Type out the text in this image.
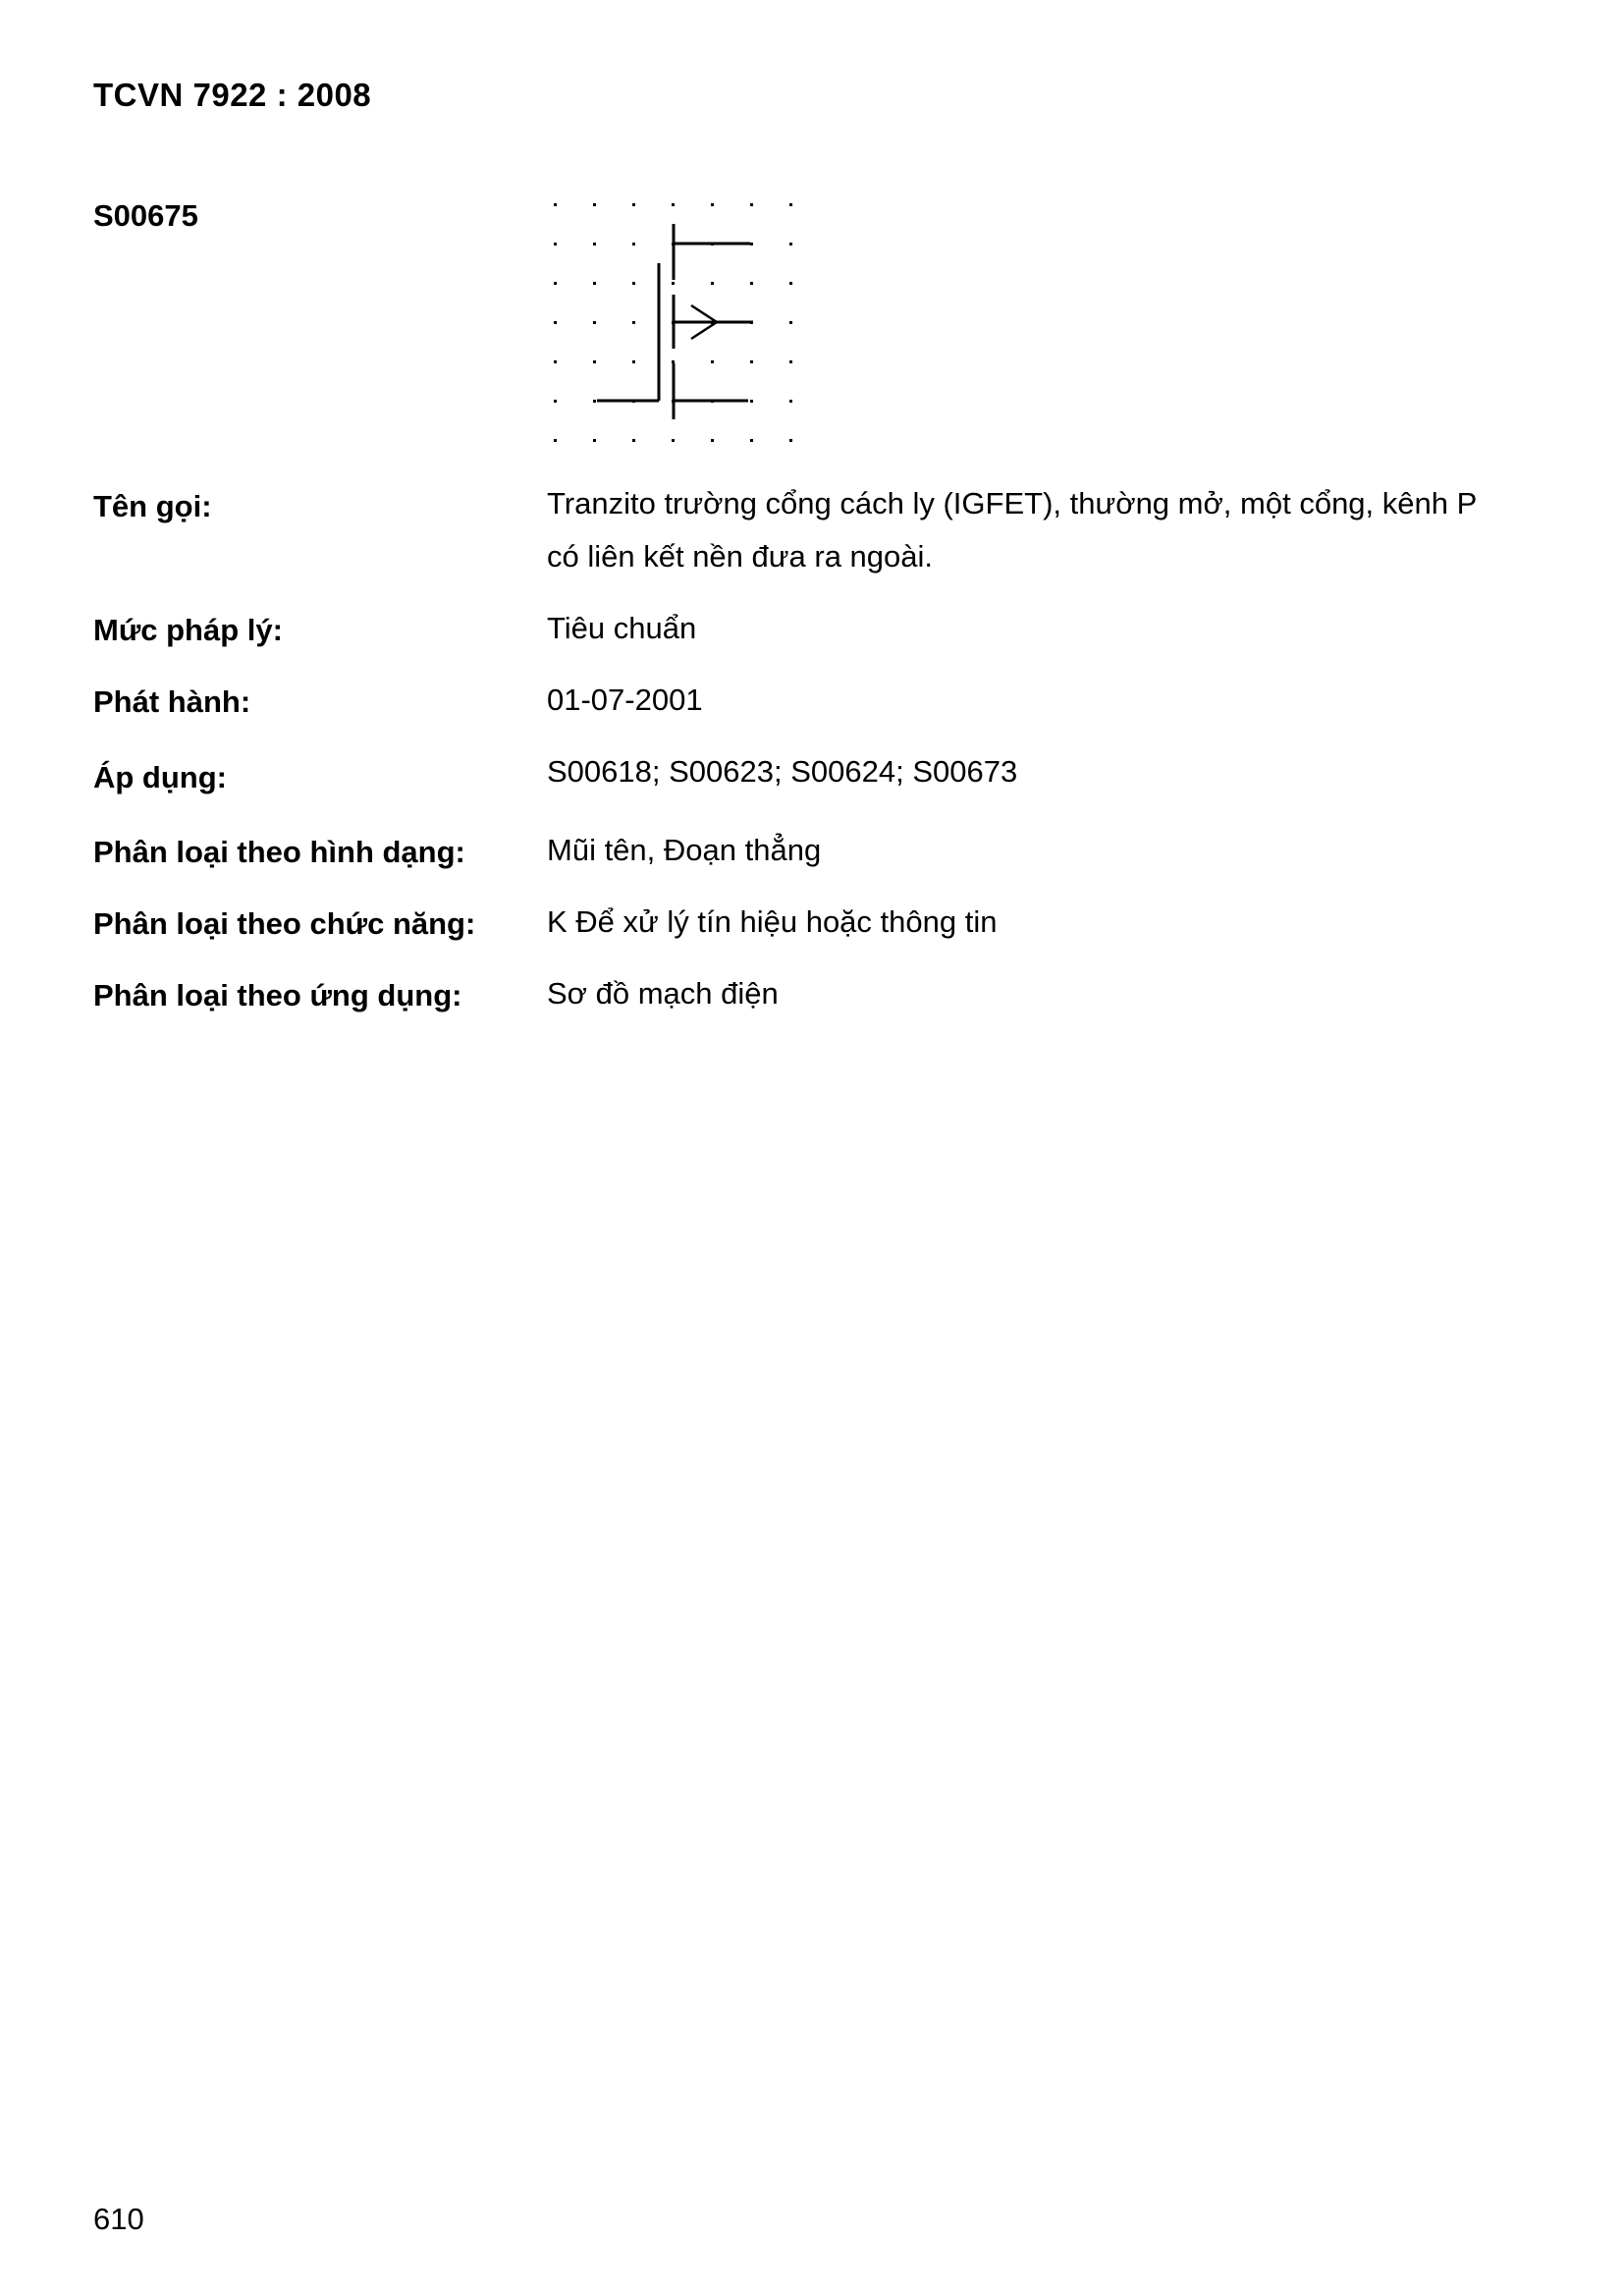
TCVN 7922 : 2008
S00675
Tên gọi:	Tranzito trường cổng cách ly (IGFET), thường mở, một cổng, kênh P có liên kết nền đưa ra ngoài.
Mức pháp lý:	Tiêu chuẩn
Phát hành:	01-07-2001
Áp dụng:	S00618; S00623; S00624; S00673
Phân loại theo hình dạng:	Mũi tên, Đoạn thẳng
Phân loại theo chức năng: K Để xử lý tín hiệu hoặc thông tin
Phân loại theo ứng dụng:	Sơ đồ mạch điện
610
